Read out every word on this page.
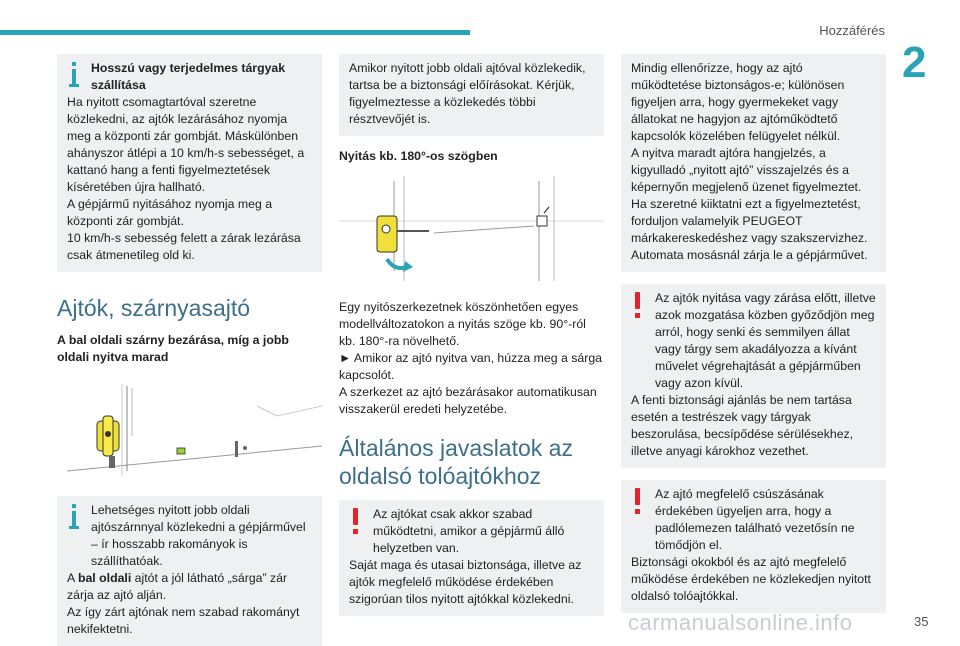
Hozzáférés
2

Hosszú vagy terjedelmes tárgyak szállítása

Ha nyitott csomagtartóval szeretne közlekedni, az ajtók lezárásához nyomja meg a központi zár gombját. Máskülönben ahányszor átlépi a 10 km/h-s sebességet, a kattanó hang a fenti figyelmeztetések kíséretében újra hallható.

A gépjármű nyitásához nyomja meg a központi zár gombját.

10 km/h-s sebesség felett a zárak lezárása csak átmenetileg old ki.

Ajtók, szárnyasajtó
A bal oldali szárny bezárása, míg a jobb oldali nyitva marad

Lehetséges nyitott jobb oldali ajtószárnnyal közlekedni a gépjárművel – ír hosszabb rakományok is szállíthatóak.

A bal oldali ajtót a jól látható „sárga” zár zárja az ajtó alján.

Az így zárt ajtónak nem szabad rakományt nekifektetni.

Amikor nyitott jobb oldali ajtóval közlekedik, tartsa be a biztonsági előírásokat. Kérjük, figyelmeztesse a közlekedés többi résztvevőjét is.

Nyitás kb. 180°-os szögben

Egy nyitószerkezetnek köszönhetően egyes modellváltozatokon a nyitás szöge kb. 90°-ról kb. 180°-ra növelhető.

► Amikor az ajtó nyitva van, húzza meg a sárga kapcsolót.

A szerkezet az ajtó bezárásakor automatikusan visszakerül eredeti helyzetébe.

Általános javaslatok az oldalsó tolóajtókhoz

Az ajtókat csak akkor szabad működtetni, amikor a gépjármű álló helyzetben van.

Saját maga és utasai biztonsága, illetve az ajtók megfelelő működése érdekében szigorúan tilos nyitott ajtókkal közlekedni.

Mindig ellenőrizze, hogy az ajtó működtetése biztonságos-e; különösen figyeljen arra, hogy gyermekeket vagy állatokat ne hagyjon az ajtóműködtető kapcsolók közelében felügyelet nélkül.

A nyitva maradt ajtóra hangjelzés, a kigyulladó „nyitott ajtó” visszajelzés és a képernyőn megjelenő üzenet figyelmeztet.

Ha szeretné kiiktatni ezt a figyelmeztetést, forduljon valamelyik PEUGEOT márkakereskedéshez vagy szakszervizhez.

Automata mosásnál zárja le a gépjárművet.

Az ajtók nyitása vagy zárása előtt, illetve azok mozgatása közben győződjön meg arról, hogy senki és semmilyen állat vagy tárgy sem akadályozza a kívánt művelet végrehajtását a gépjárműben vagy azon kívül.

A fenti biztonsági ajánlás be nem tartása esetén a testrészek vagy tárgyak beszorulása, becsípődése sérülésekhez, illetve anyagi károkhoz vezethet.

Az ajtó megfelelő csúszásának érdekében ügyeljen arra, hogy a padlólemezen található vezetősín ne tömődjön el.

Biztonsági okokból és az ajtó megfelelő működése érdekében ne közlekedjen nyitott oldalsó tolóajtókkal.

carmanualsonline.info	35
